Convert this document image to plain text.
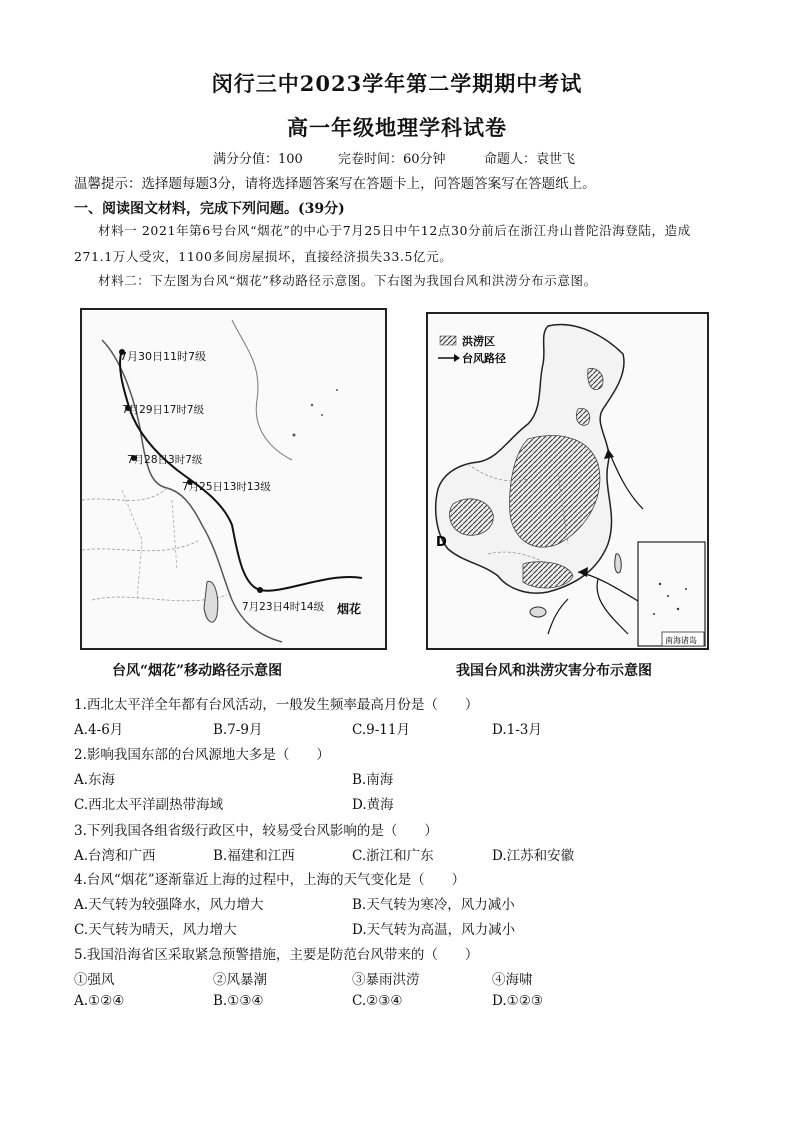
闵行三中2023学年第二学期期中考试
高一年级地理学科试卷
满分分值：100	完卷时间：60分钟	命题人：袁世飞
温馨提示：选择题每题3分，请将选择题答案写在答题卡上，问答题答案写在答题纸上。
一、阅读图文材料，完成下列问题。(39分)
材料一 2021年第6号台风“烟花”的中心于7月25日中午12点30分前后在浙江舟山普陀沿海登陆，造成271.1万人受灾，1100多间房屋损坏，直接经济损失33.5亿元。
材料二：下左图为台风“烟花”移动路径示意图。下右图为我国台风和洪涝分布示意图。
7月30日11时7级
7月29日17时7级
7月28日3时7级
7月25日13时13级
7月23日4时14级 烟花
洪涝区
台风路径
D
南海诸岛
台风“烟花”移动路径示意图	我国台风和洪涝灾害分布示意图
1.西北太平洋全年都有台风活动，一般发生频率最高月份是（　　）
A.4-6月	B.7-9月	C.9-11月	D.1-3月
2.影响我国东部的台风源地大多是（　　）
A.东海	B.南海
C.西北太平洋副热带海域	D.黄海
3.下列我国各组省级行政区中，较易受台风影响的是（　　）
A.台湾和广西	B.福建和江西	C.浙江和广东	D.江苏和安徽
4.台风“烟花”逐渐靠近上海的过程中，上海的天气变化是（　　）
A.天气转为较强降水，风力增大	B.天气转为寒冷，风力减小
C.天气转为晴天，风力增大	D.天气转为高温，风力减小
5.我国沿海省区采取紧急预警措施，主要是防范台风带来的（　　）
①强风	②风暴潮	③暴雨洪涝	④海啸
A.①②④	B.①③④	C.②③④	D.①②③
